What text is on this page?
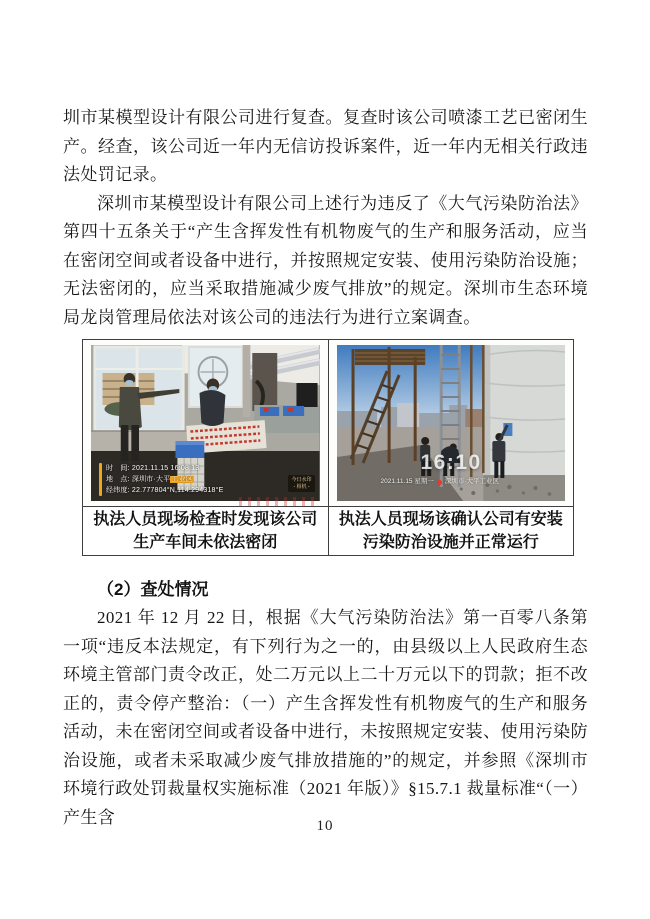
圳市某模型设计有限公司进行复查。复查时该公司喷漆工艺已密闭生产。经查，该公司近一年内无信访投诉案件，近一年内无相关行政违法处罚记录。

深圳市某模型设计有限公司上述行为违反了《大气污染防治法》第四十五条关于“产生含挥发性有机物废气的生产和服务活动，应当在密闭空间或者设备中进行，并按照规定安装、使用污染防治设施；无法密闭的，应当采取措施减少废气排放”的规定。深圳市生态环境局龙岗管理局依法对该公司的违法行为进行立案调查。

时　间: 2021.11.15 16:08:13
地　点: 深圳市·大平工业区
经纬度: 22.777804°N,114.294318°E
今日水印
- 相机 -

16:10
2021.11.15 星期一 深圳市·大平工业区

执法人员现场检查时发现该公司
生产车间未依法密闭

执法人员现场该确认公司有安装
污染防治设施并正常运行
（2）查处情况

2021 年 12 月 22 日，根据《大气污染防治法》第一百零八条第一项“违反本法规定，有下列行为之一的，由县级以上人民政府生态环境主管部门责令改正，处二万元以上二十万元以下的罚款；拒不改正的，责令停产整治：（一）产生含挥发性有机物废气的生产和服务活动，未在密闭空间或者设备中进行，未按照规定安装、使用污染防治设施，或者未采取减少废气排放措施的”的规定，并参照《深圳市环境行政处罚裁量权实施标准（2021 年版）》§15.7.1 裁量标准“（一）产生含	10
